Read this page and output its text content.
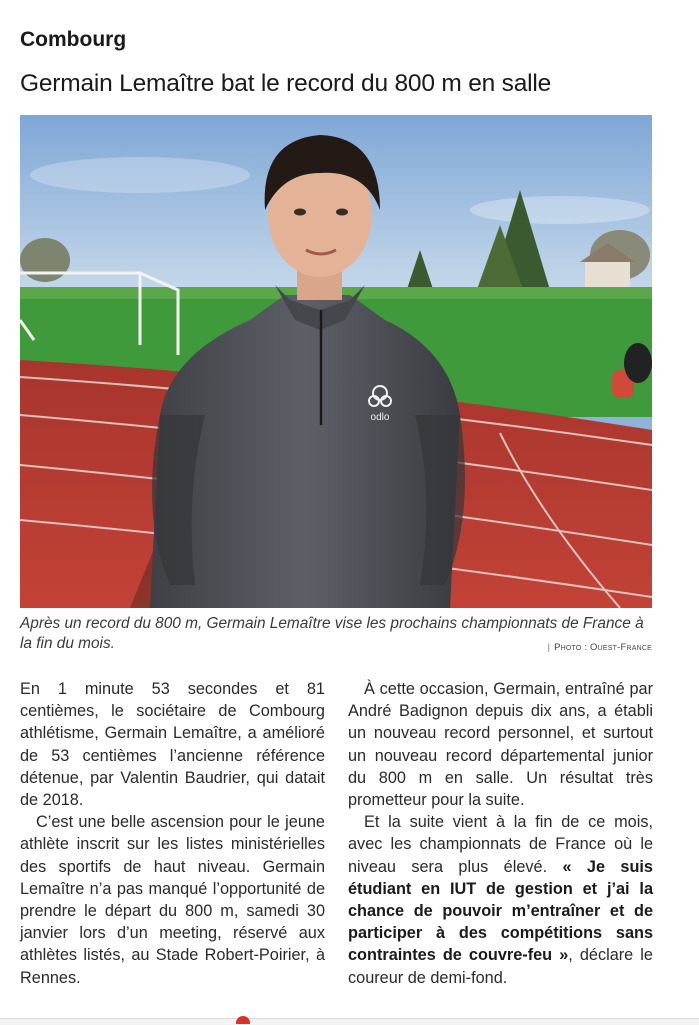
Combourg
Germain Lemaître bat le record du 800 m en salle
odlo

Après un record du 800 m, Germain Lemaître vise les prochains championnats de France à la fin du mois.	| Photo : Ouest-France

En 1 minute 53 secondes et 81 centièmes, le sociétaire de Combourg athlétisme, Germain Lemaître, a amélioré de 53 centièmes l’ancienne référence détenue, par Valentin Baudrier, qui datait de 2018.

C’est une belle ascension pour le jeune athlète inscrit sur les listes ministérielles des sportifs de haut niveau. Germain Lemaître n’a pas manqué l’opportunité de prendre le départ du 800 m, samedi 30 janvier lors d’un meeting, réservé aux athlètes listés, au Stade Robert-Poirier, à Rennes.

À cette occasion, Germain, entraîné par André Badignon depuis dix ans, a établi un nouveau record personnel, et surtout un nouveau record départemental junior du 800 m en salle. Un résultat très prometteur pour la suite.

Et la suite vient à la fin de ce mois, avec les championnats de France où le niveau sera plus élevé. « Je suis étudiant en IUT de gestion et j’ai la chance de pouvoir m’entraîner et de participer à des compétitions sans contraintes de couvre-feu », déclare le coureur de demi-fond.
